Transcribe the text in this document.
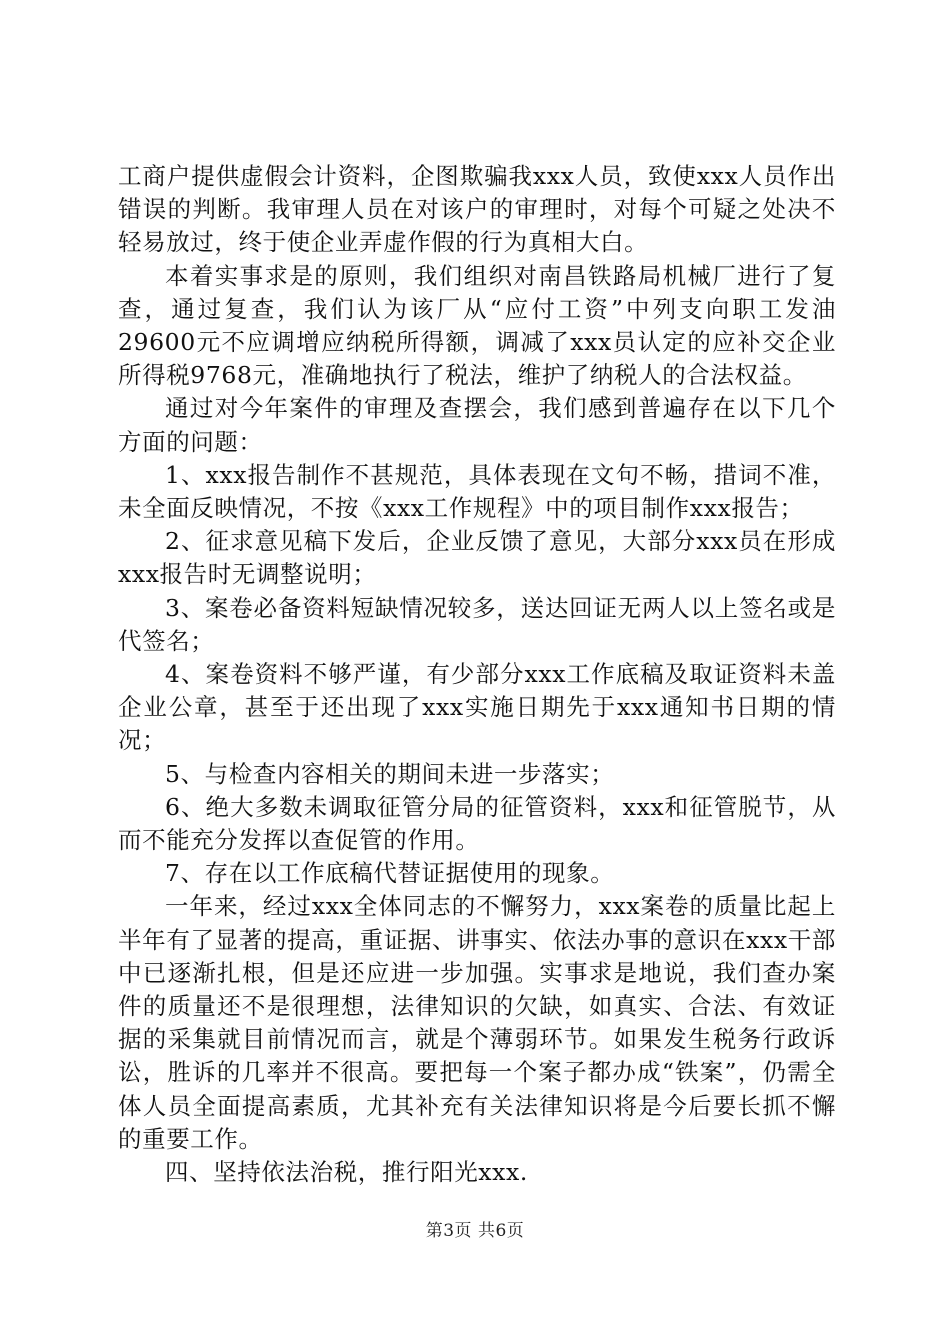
工商户提供虚假会计资料，企图欺骗我xxx人员，致使xxx人员作出错误的判断。我审理人员在对该户的审理时，对每个可疑之处决不轻易放过，终于使企业弄虚作假的行为真相大白。

本着实事求是的原则，我们组织对南昌铁路局机械厂进行了复查，通过复查，我们认为该厂从“应付工资”中列支向职工发油29600元不应调增应纳税所得额，调减了xxx员认定的应补交企业所得税9768元，准确地执行了税法，维护了纳税人的合法权益。

通过对今年案件的审理及查摆会，我们感到普遍存在以下几个方面的问题：

1、xxx报告制作不甚规范，具体表现在文句不畅，措词不准，未全面反映情况，不按《xxx工作规程》中的项目制作xxx报告；

2、征求意见稿下发后，企业反馈了意见，大部分xxx员在形成xxx报告时无调整说明；

3、案卷必备资料短缺情况较多，送达回证无两人以上签名或是代签名；

4、案卷资料不够严谨，有少部分xxx工作底稿及取证资料未盖企业公章，甚至于还出现了xxx实施日期先于xxx通知书日期的情况；

5、与检查内容相关的期间未进一步落实；

6、绝大多数未调取征管分局的征管资料，xxx和征管脱节，从而不能充分发挥以查促管的作用。

7、存在以工作底稿代替证据使用的现象。

一年来，经过xxx全体同志的不懈努力，xxx案卷的质量比起上半年有了显著的提高，重证据、讲事实、依法办事的意识在xxx干部中已逐渐扎根，但是还应进一步加强。实事求是地说，我们查办案件的质量还不是很理想，法律知识的欠缺，如真实、合法、有效证据的采集就目前情况而言，就是个薄弱环节。如果发生税务行政诉讼，胜诉的几率并不很高。要把每一个案子都办成“铁案”，仍需全体人员全面提高素质，尤其补充有关法律知识将是今后要长抓不懈的重要工作。

四、坚持依法治税，推行阳光xxx.

第3页 共6页
